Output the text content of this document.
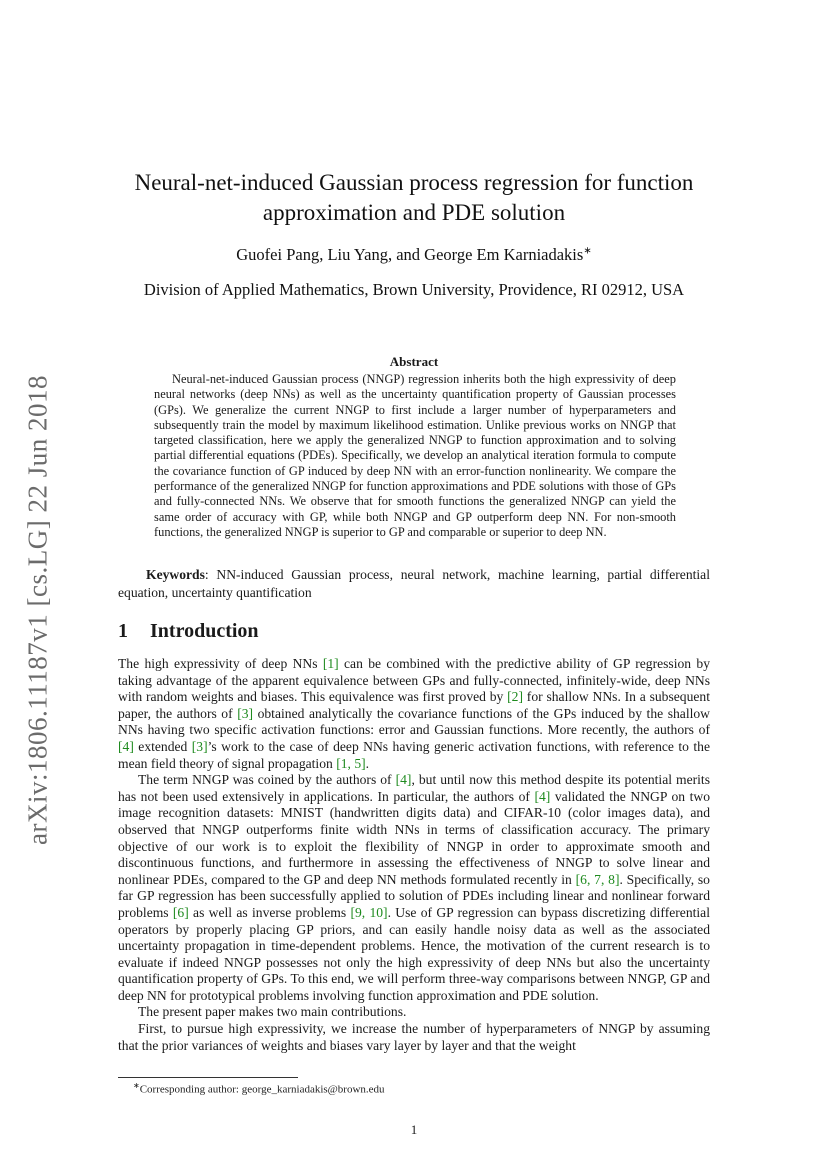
arXiv:1806.11187v1 [cs.LG] 22 Jun 2018
Neural-net-induced Gaussian process regression for function
approximation and PDE solution
Guofei Pang, Liu Yang, and George Em Karniadakis∗
Division of Applied Mathematics, Brown University, Providence, RI 02912, USA
Abstract
Neural-net-induced Gaussian process (NNGP) regression inherits both the high expressivity of deep neural networks (deep NNs) as well as the uncertainty quantification property of Gaussian processes (GPs). We generalize the current NNGP to first include a larger number of hyperparameters and subsequently train the model by maximum likelihood estimation. Unlike previous works on NNGP that targeted classification, here we apply the generalized NNGP to function approximation and to solving partial differential equations (PDEs). Specifically, we develop an analytical iteration formula to compute the covariance function of GP induced by deep NN with an error-function nonlinearity. We compare the performance of the generalized NNGP for function approximations and PDE solutions with those of GPs and fully-connected NNs. We observe that for smooth functions the generalized NNGP can yield the same order of accuracy with GP, while both NNGP and GP outperform deep NN. For non-smooth functions, the generalized NNGP is superior to GP and comparable or superior to deep NN.
Keywords: NN-induced Gaussian process, neural network, machine learning, partial differential equation, uncertainty quantification
1 Introduction

The high expressivity of deep NNs [1] can be combined with the predictive ability of GP regression by taking advantage of the apparent equivalence between GPs and fully-connected, infinitely-wide, deep NNs with random weights and biases. This equivalence was first proved by [2] for shallow NNs. In a subsequent paper, the authors of [3] obtained analytically the covariance functions of the GPs induced by the shallow NNs having two specific activation functions: error and Gaussian functions. More recently, the authors of [4] extended [3]’s work to the case of deep NNs having generic activation functions, with reference to the mean field theory of signal propagation [1, 5].

The term NNGP was coined by the authors of [4], but until now this method despite its potential merits has not been used extensively in applications. In particular, the authors of [4] validated the NNGP on two image recognition datasets: MNIST (handwritten digits data) and CIFAR-10 (color images data), and observed that NNGP outperforms finite width NNs in terms of classification accuracy. The primary objective of our work is to exploit the flexibility of NNGP in order to approximate smooth and discontinuous functions, and furthermore in assessing the effectiveness of NNGP to solve linear and nonlinear PDEs, compared to the GP and deep NN methods formulated recently in [6, 7, 8]. Specifically, so far GP regression has been successfully applied to solution of PDEs including linear and nonlinear forward problems [6] as well as inverse problems [9, 10]. Use of GP regression can bypass discretizing differential operators by properly placing GP priors, and can easily handle noisy data as well as the associated uncertainty propagation in time-dependent problems. Hence, the motivation of the current research is to evaluate if indeed NNGP possesses not only the high expressivity of deep NNs but also the uncertainty quantification property of GPs. To this end, we will perform three-way comparisons between NNGP, GP and deep NN for prototypical problems involving function approximation and PDE solution.

The present paper makes two main contributions.

First, to pursue high expressivity, we increase the number of hyperparameters of NNGP by assuming that the prior variances of weights and biases vary layer by layer and that the weight

∗Corresponding author: george_karniadakis@brown.edu
1
